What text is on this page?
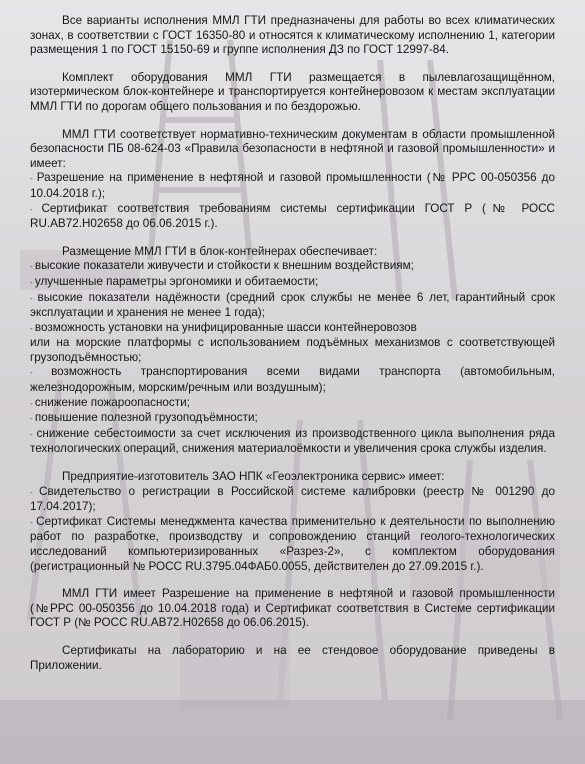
Все варианты исполнения ММЛ ГТИ предназначены для работы во всех климатических зонах, в соответствии с ГОСТ 16350-80 и относятся к климатическому исполнению 1, категории размещения 1 по ГОСТ 15150-69 и группе исполнения ДЗ по ГОСТ 12997-84.

Комплект оборудования ММЛ ГТИ размещается в пылевлагозащищённом, изотермическом блок-контейнере и транспортируется контейнеровозом к местам эксплуатации ММЛ ГТИ по дорогам общего пользования и по бездорожью.

ММЛ ГТИ соответствует нормативно-техническим документам в области промышленной безопасности ПБ 08-624-03 «Правила безопасности в нефтяной и газовой промышленности» и имеет:

- Разрешение на применение в нефтяной и газовой промышленности (№ РРС 00-050356 до 10.04.2018 г.);

- Сертификат соответствия требованиям системы сертификации ГОСТ Р (№ РОСС RU.АВ72.Н02658 до 06.06.2015 г.).

Размещение ММЛ ГТИ в блок-контейнерах обеспечивает:

- высокие показатели живучести и стойкости к внешним воздействиям;

- улучшенные параметры эргономики и обитаемости;

- высокие показатели надёжности (средний срок службы не менее 6 лет, гарантийный срок эксплуатации и хранения не менее 1 года);

- возможность установки на унифицированные шасси контейнеровозов

или на морские платформы с использованием подъёмных механизмов с соответствующей грузоподъёмностью;

- возможность транспортирования всеми видами транспорта (автомобильным, железнодорожным, морским/речным или воздушным);

- снижение пожароопасности;

- повышение полезной грузоподъёмности;

- снижение себестоимости за счет исключения из производственного цикла выполнения ряда технологических операций, снижения материалоёмкости и увеличения срока службы изделия.

Предприятие-изготовитель ЗАО НПК «Геоэлектроника сервис» имеет:

- Свидетельство о регистрации в Российской системе калибровки (реестр № 001290 до 17.04.2017);

- Сертификат Системы менеджмента качества применительно к деятельности по выполнению работ по разработке, производству и сопровождению станций геолого-технологических исследований компьютеризированных «Разрез-2», с комплектом оборудования (регистрационный № РОСС RU.3795.04ФАБ0.0055, действителен до 27.09.2015 г.).

ММЛ ГТИ имеет Разрешение на применение в нефтяной и газовой промышленности (№РРС 00-050356 до 10.04.2018 года) и Сертификат соответствия в Системе сертификации ГОСТ Р (№ РОСС RU.АВ72.Н02658 до 06.06.2015).

Сертификаты на лабораторию и на ее стендовое оборудование приведены в Приложении.
